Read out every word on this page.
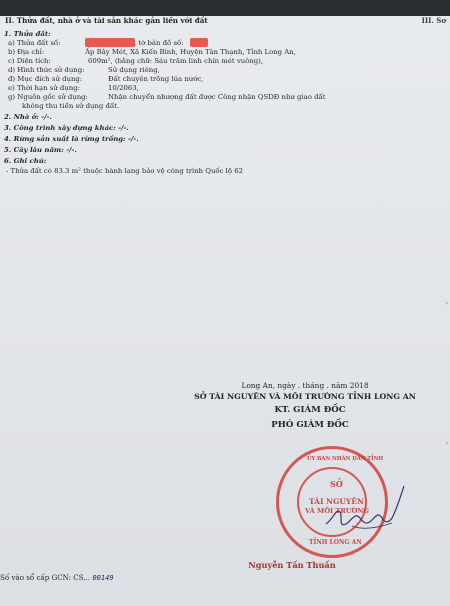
II. Thửa đất, nhà ở và tài sản khác gắn liền với đất	III. Sơ
1. Thửa đất:
a) Thửa đất số:	, tờ bản đồ số:
b) Địa chỉ:	Ấp Bảy Mét, Xã Kiến Bình, Huyện Tân Thạnh, Tỉnh Long An,
c) Diện tích:	609m², (bằng chữ: Sáu trăm linh chín mét vuông),
d) Hình thức sử dụng:	Sử dụng riêng,
đ) Mục đích sử dụng:	Đất chuyên trồng lúa nước,
e) Thời hạn sử dụng:	10/2063,
g) Nguồn gốc sử dụng:	Nhận chuyển nhượng đất được Công nhận QSDĐ như giao đất
không thu tiền sử dụng đất.
2. Nhà ở: -/-.
3. Công trình xây dựng khác: -/-.
4. Rừng sản xuất là rừng trồng: -/-.
5. Cây lâu năm: -/-.
6. Ghi chú:
- Thửa đất có 83.3 m² thuộc hành lang bảo vệ công trình Quốc lộ 62
Long An, ngày . tháng . năm 2018
SỞ TÀI NGUYÊN VÀ MÔI TRƯỜNG TỈNH LONG AN
KT. GIÁM ĐỐC
PHÓ GIÁM ĐỐC
SỞ
TÀI NGUYÊN
VÀ MÔI TRƯỜNG
TỈNH LONG AN
ỦY BAN NHÂN DÂN TỈNH
Nguyễn Tấn Thuấn
Số vào sổ cấp GCN: CS... 00149
›
›
